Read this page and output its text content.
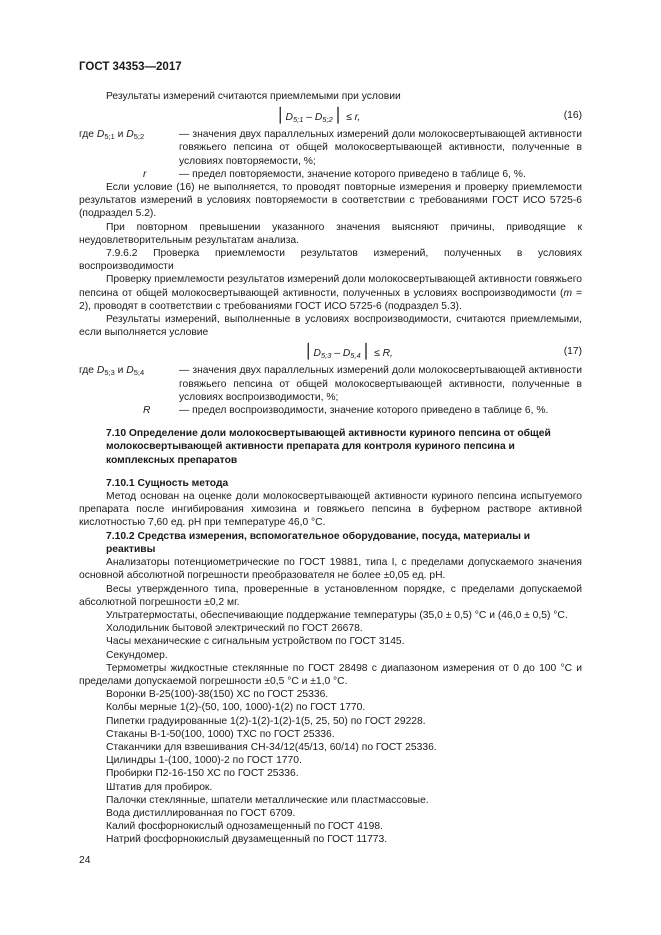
ГОСТ 34353—2017

Результаты измерений считаются приемлемыми при условии

$⎪D_{5;1}$ – $D_{5;2}⎪ \le r$,	(16)
где $D_{5;1}$ и $D_{5;2}$	— значения двух параллельных измерений доли молокосвертывающей активности говяжьего пепсина от общей молокосвертывающей активности, полученные в условиях повторяемости, %;
r	— предел повторяемости, значение которого приведено в таблице 6, %.

Если условие (16) не выполняется, то проводят повторные измерения и проверку приемлемости результатов измерений в условиях повторяемости в соответствии с требованиями ГОСТ ИСО 5725-6 (подраздел 5.2).

При повторном превышении указанного значения выясняют причины, приводящие к неудовлетворительным результатам анализа.

7.9.6.2 Проверка приемлемости результатов измерений, полученных в условиях воспроизводимости

Проверку приемлемости результатов измерений доли молокосвертывающей активности говяжьего пепсина от общей молокосвертывающей активности, полученных в условиях воспроизводимости (m = 2), проводят в соответствии с требованиями ГОСТ ИСО 5725-6 (подраздел 5.3).

Результаты измерений, выполненные в условиях воспроизводимости, считаются приемлемыми, если выполняется условие

$⎪D_{5;3}$ – $D_{5,4}⎪ \le R$,	(17)
где $D_{5;3}$ и $D_{5;4}$	— значения двух параллельных измерений доли молокосвертывающей активности говяжьего пепсина от общей молокосвертывающей активности, полученные в условиях воспроизводимости, %;
R	— предел воспроизводимости, значение которого приведено в таблице 6, %.

7.10 Определение доли молокосвертывающей активности куриного пепсина от общей молокосвертывающей активности препарата для контроля куриного пепсина и комплексных препаратов

7.10.1 Сущность метода

Метод основан на оценке доли молокосвертывающей активности куриного пепсина испытуемого препарата после ингибирования химозина и говяжьего пепсина в буферном растворе активной кислотностью 7,60 ед. рН при температуре 46,0 °С.

7.10.2 Средства измерения, вспомогательное оборудование, посуда, материалы и реактивы

Анализаторы потенциометрические по ГОСТ 19881, типа I, с пределами допускаемого значения основной абсолютной погрешности преобразователя не более ±0,05 ед. рН.

Весы утвержденного типа, проверенные в установленном порядке, с пределами допускаемой абсолютной погрешности ±0,2 мг.

Ультратермостаты, обеспечивающие поддержание температуры (35,0 ± 0,5) °С и (46,0 ± 0,5) °С.

Холодильник бытовой электрический по ГОСТ 26678.

Часы механические с сигнальным устройством по ГОСТ 3145.

Секундомер.

Термометры жидкостные стеклянные по ГОСТ 28498 с диапазоном измерения от 0 до 100 °С и пределами допускаемой погрешности ±0,5 °С и ±1,0 °С.

Воронки В-25(100)-38(150) ХС по ГОСТ 25336.

Колбы мерные 1(2)-(50, 100, 1000)-1(2) по ГОСТ 1770.

Пипетки градуированные 1(2)-1(2)-1(2)-1(5, 25, 50) по ГОСТ 29228.

Стаканы В-1-50(100, 1000) ТХС по ГОСТ 25336.

Стаканчики для взвешивания СН-34/12(45/13, 60/14) по ГОСТ 25336.

Цилиндры 1-(100, 1000)-2 по ГОСТ 1770.

Пробирки П2-16-150 ХС по ГОСТ 25336.

Штатив для пробирок.

Палочки стеклянные, шпатели металлические или пластмассовые.

Вода дистиллированная по ГОСТ 6709.

Калий фосфорнокислый однозамещенный по ГОСТ 4198.

Натрий фосфорнокислый двузамещенный по ГОСТ 11773.

24
